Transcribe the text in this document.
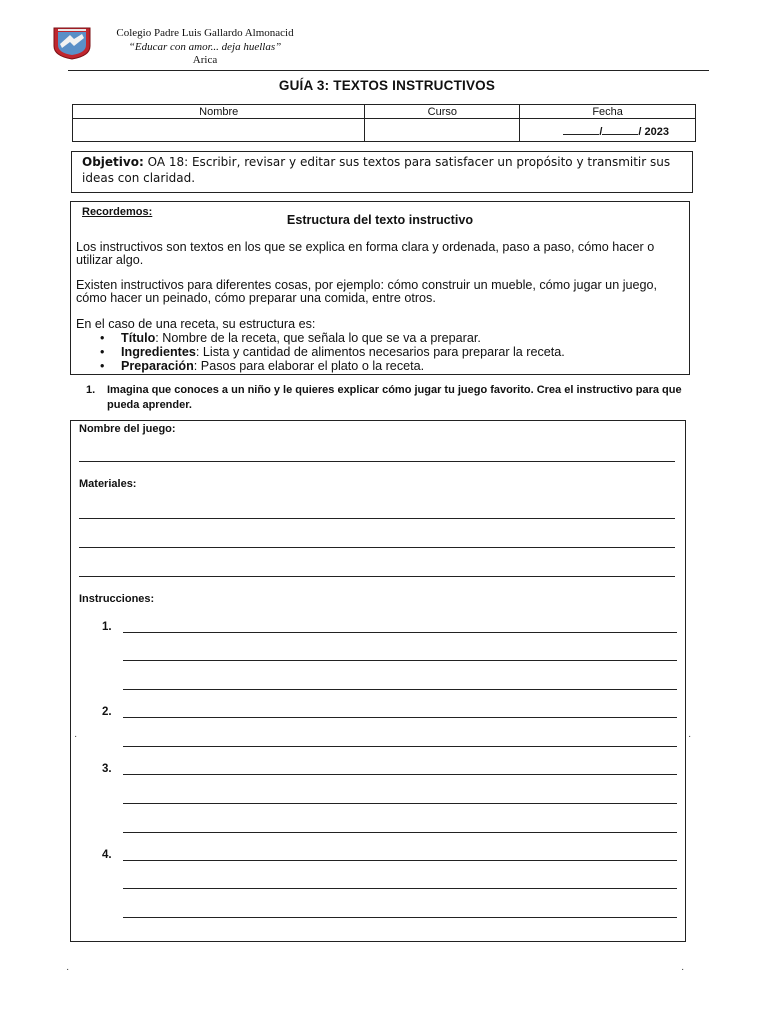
Colegio Padre Luis Gallardo Almonacid
“Educar con amor... deja huellas”
Arica
GUÍA 3: TEXTOS INSTRUCTIVOS
Nombre	Curso	Fecha
		/ / 2023
Objetivo: OA 18: Escribir, revisar y editar sus textos para satisfacer un propósito y transmitir sus ideas con claridad.
Recordemos:
Estructura del texto instructivo

Los instructivos son textos en los que se explica en forma clara y ordenada, paso a paso, cómo hacer o utilizar algo.

Existen instructivos para diferentes cosas, por ejemplo: cómo construir un mueble, cómo jugar un juego, cómo hacer un peinado, cómo preparar una comida, entre otros.

En el caso de una receta, su estructura es:

• Título: Nombre de la receta, que señala lo que se va a preparar.
• Ingredientes: Lista y cantidad de alimentos necesarios para preparar la receta.
• Preparación: Pasos para elaborar el plato o la receta.
1. Imagina que conoces a un niño y le quieres explicar cómo jugar tu juego favorito. Crea el instructivo para que pueda aprender.
Nombre del juego:
Materiales:
Instrucciones:
1.
2.
3.
4.
·	·
·	·
